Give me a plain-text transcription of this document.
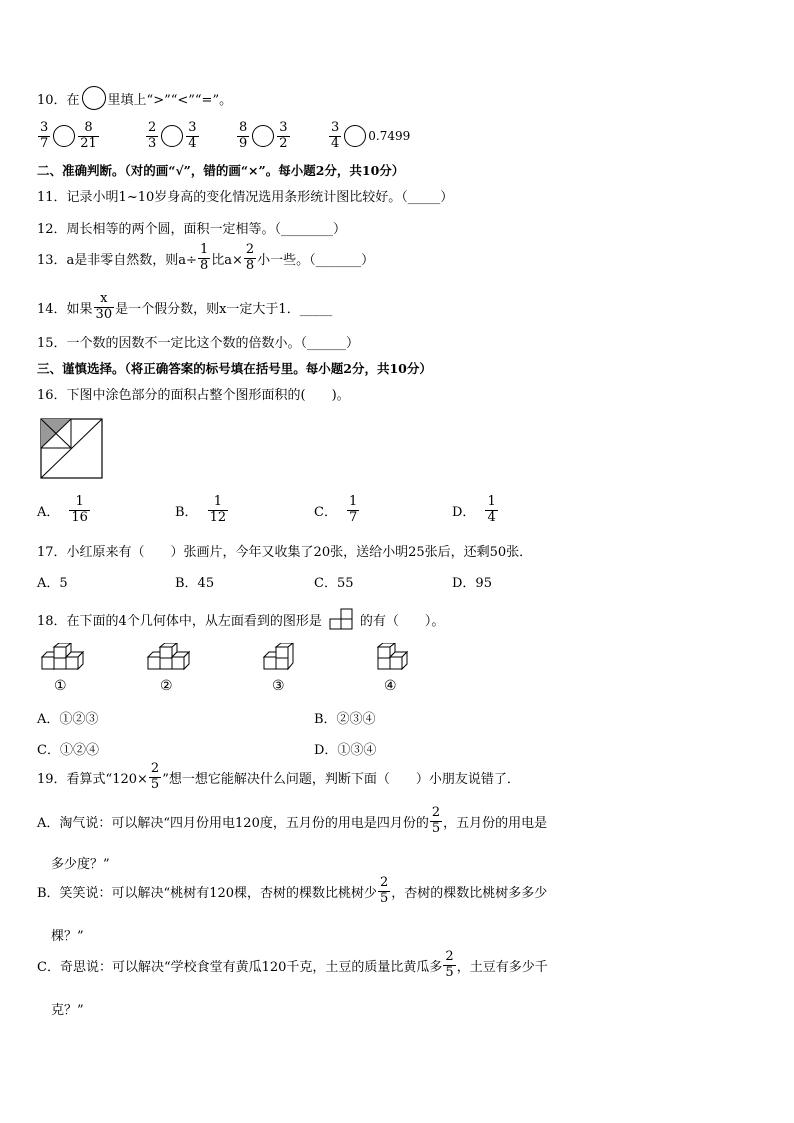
10．在 里填上“>”“<”“=”。
$\frac{3}{7} \frac{8}{21}$	$\frac{2}{3} \frac{3}{4}$	$\frac{8}{9} \frac{3}{2}$	$\frac{3}{4} 0.7499$
二、准确判断。（对的画“√”，错的画“×”。每小题2分，共10分）
11．记录小明1~10岁身高的变化情况选用条形统计图比较好。（_____）
12．周长相等的两个圆，面积一定相等。（________）
13．a是非零自然数，则$a\div \frac{1}{8}$ 比$a\times \frac{2}{8}$ 小一些。（_______）
14．如果 $\frac{x}{30}$ 是一个假分数，则x一定大于1．_____
15．一个数的因数不一定比这个数的倍数小。（______）
三、谨慎选择。（将正确答案的标号填在括号里。每小题2分，共10分）
16．下图中涂色部分的面积占整个图形面积的(　　)。
A． $\frac{1}{16}$	B． $\frac{1}{12}$	C． $\frac{1}{7}$	D． $\frac{1}{4}$
17．小红原来有（　　）张画片，今年又收集了20张，送给小明25张后，还剩50张．
A．5	B．45	C．55	D．95
18．在下面的4个几何体中，从左面看到的图形是	的有（　　）。
①	②	③	④
A．①②③	B．②③④
C．①②④	D．①③④
19．看算式“$120\times \frac{2}{5}$ ”想一想它能解决什么问题，判断下面（　　）小朋友说错了．
A．淘气说：可以解决“四月份用电120度，五月份的用电是四月份的 $\frac{2}{5}$ ，五月份的用电是
多少度？”
B．笑笑说：可以解决“桃树有120棵，杏树的棵数比桃树少 $\frac{2}{5}$ ，杏树的棵数比桃树多多少
棵？”
C．奇思说：可以解决“学校食堂有黄瓜120千克，土豆的质量比黄瓜多 $\frac{2}{5}$ ，土豆有多少千
克？”
